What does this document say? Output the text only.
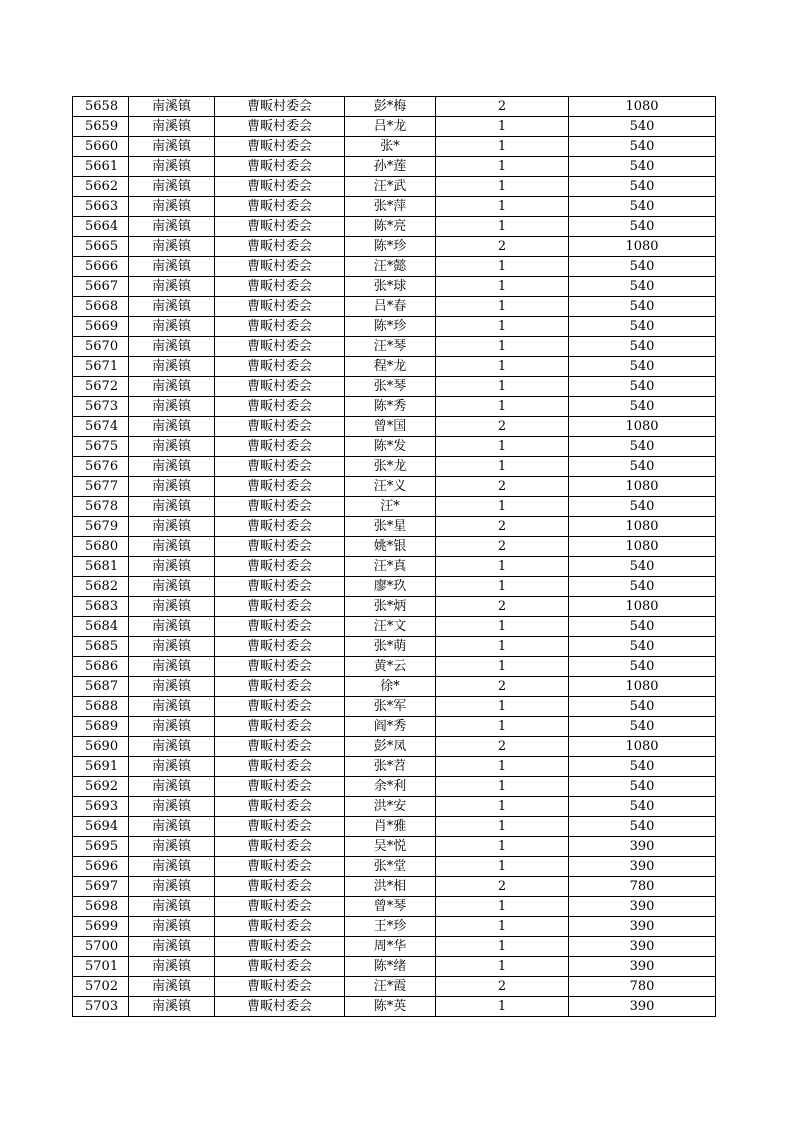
5658	南溪镇	曹畈村委会	彭*梅	2	1080
5659	南溪镇	曹畈村委会	吕*龙	1	540
5660	南溪镇	曹畈村委会	张*	1	540
5661	南溪镇	曹畈村委会	孙*莲	1	540
5662	南溪镇	曹畈村委会	汪*武	1	540
5663	南溪镇	曹畈村委会	张*萍	1	540
5664	南溪镇	曹畈村委会	陈*亮	1	540
5665	南溪镇	曹畈村委会	陈*珍	2	1080
5666	南溪镇	曹畈村委会	汪*懿	1	540
5667	南溪镇	曹畈村委会	张*球	1	540
5668	南溪镇	曹畈村委会	吕*春	1	540
5669	南溪镇	曹畈村委会	陈*珍	1	540
5670	南溪镇	曹畈村委会	汪*琴	1	540
5671	南溪镇	曹畈村委会	程*龙	1	540
5672	南溪镇	曹畈村委会	张*琴	1	540
5673	南溪镇	曹畈村委会	陈*秀	1	540
5674	南溪镇	曹畈村委会	曾*国	2	1080
5675	南溪镇	曹畈村委会	陈*发	1	540
5676	南溪镇	曹畈村委会	张*龙	1	540
5677	南溪镇	曹畈村委会	汪*义	2	1080
5678	南溪镇	曹畈村委会	汪*	1	540
5679	南溪镇	曹畈村委会	张*星	2	1080
5680	南溪镇	曹畈村委会	姚*银	2	1080
5681	南溪镇	曹畈村委会	汪*真	1	540
5682	南溪镇	曹畈村委会	廖*玖	1	540
5683	南溪镇	曹畈村委会	张*炳	2	1080
5684	南溪镇	曹畈村委会	汪*文	1	540
5685	南溪镇	曹畈村委会	张*萌	1	540
5686	南溪镇	曹畈村委会	黄*云	1	540
5687	南溪镇	曹畈村委会	徐*	2	1080
5688	南溪镇	曹畈村委会	张*军	1	540
5689	南溪镇	曹畈村委会	阎*秀	1	540
5690	南溪镇	曹畈村委会	彭*凤	2	1080
5691	南溪镇	曹畈村委会	张*苕	1	540
5692	南溪镇	曹畈村委会	余*利	1	540
5693	南溪镇	曹畈村委会	洪*安	1	540
5694	南溪镇	曹畈村委会	肖*雅	1	540
5695	南溪镇	曹畈村委会	吴*悦	1	390
5696	南溪镇	曹畈村委会	张*堂	1	390
5697	南溪镇	曹畈村委会	洪*相	2	780
5698	南溪镇	曹畈村委会	曾*琴	1	390
5699	南溪镇	曹畈村委会	王*珍	1	390
5700	南溪镇	曹畈村委会	周*华	1	390
5701	南溪镇	曹畈村委会	陈*绪	1	390
5702	南溪镇	曹畈村委会	汪*霞	2	780
5703	南溪镇	曹畈村委会	陈*英	1	390
